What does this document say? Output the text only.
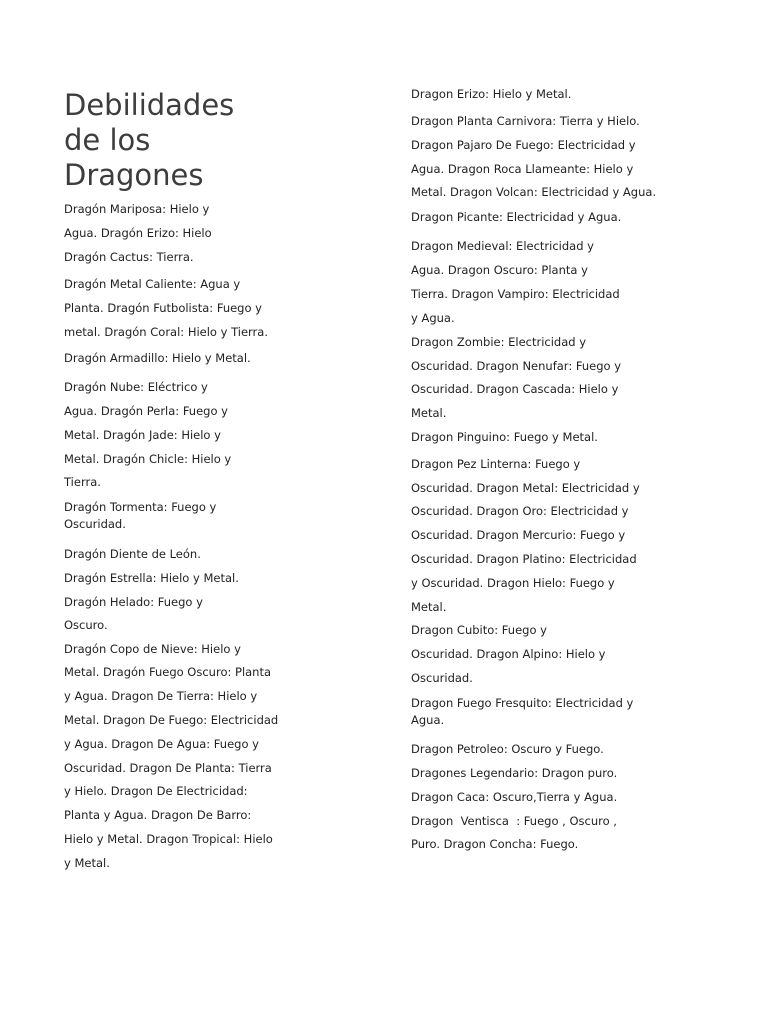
Debilidades
de los
Dragones
Dragón Mariposa: Hielo y
Agua. Dragón Erizo: Hielo
Dragón Cactus: Tierra.
Dragón Metal Caliente: Agua y
Planta. Dragón Futbolista: Fuego y
metal. Dragón Coral: Hielo y Tierra.
Dragón Armadillo: Hielo y Metal.
Dragón Nube: Eléctrico y
Agua. Dragón Perla: Fuego y
Metal. Dragón Jade: Hielo y
Metal. Dragón Chicle: Hielo y
Tierra.
Dragón Tormenta: Fuego y
Oscuridad.
Dragón Diente de León.
Dragón Estrella: Hielo y Metal.
Dragón Helado: Fuego y
Oscuro.
Dragón Copo de Nieve: Hielo y
Metal. Dragón Fuego Oscuro: Planta
y Agua. Dragon De Tierra: Hielo y
Metal. Dragon De Fuego: Electricidad
y Agua. Dragon De Agua: Fuego y
Oscuridad. Dragon De Planta: Tierra
y Hielo. Dragon De Electricidad:
Planta y Agua. Dragon De Barro:
Hielo y Metal. Dragon Tropical: Hielo
y Metal.
Dragon Erizo: Hielo y Metal.
Dragon Planta Carnivora: Tierra y Hielo.
Dragon Pajaro De Fuego: Electricidad y
Agua. Dragon Roca Llameante: Hielo y
Metal. Dragon Volcan: Electricidad y Agua.
Dragon Picante: Electricidad y Agua.
Dragon Medieval: Electricidad y
Agua. Dragon Oscuro: Planta y
Tierra. Dragon Vampiro: Electricidad
y Agua.
Dragon Zombie: Electricidad y
Oscuridad. Dragon Nenufar: Fuego y
Oscuridad. Dragon Cascada: Hielo y
Metal.
Dragon Pinguino: Fuego y Metal.
Dragon Pez Linterna: Fuego y
Oscuridad. Dragon Metal: Electricidad y
Oscuridad. Dragon Oro: Electricidad y
Oscuridad. Dragon Mercurio: Fuego y
Oscuridad. Dragon Platino: Electricidad
y Oscuridad. Dragon Hielo: Fuego y
Metal.
Dragon Cubito: Fuego y
Oscuridad. Dragon Alpino: Hielo y
Oscuridad.
Dragon Fuego Fresquito: Electricidad y
Agua.
Dragon Petroleo: Oscuro y Fuego.
Dragones Legendario: Dragon puro.
Dragon Caca: Oscuro,Tierra y Agua.
Dragon  Ventisca  : Fuego , Oscuro ,
Puro. Dragon Concha: Fuego.
